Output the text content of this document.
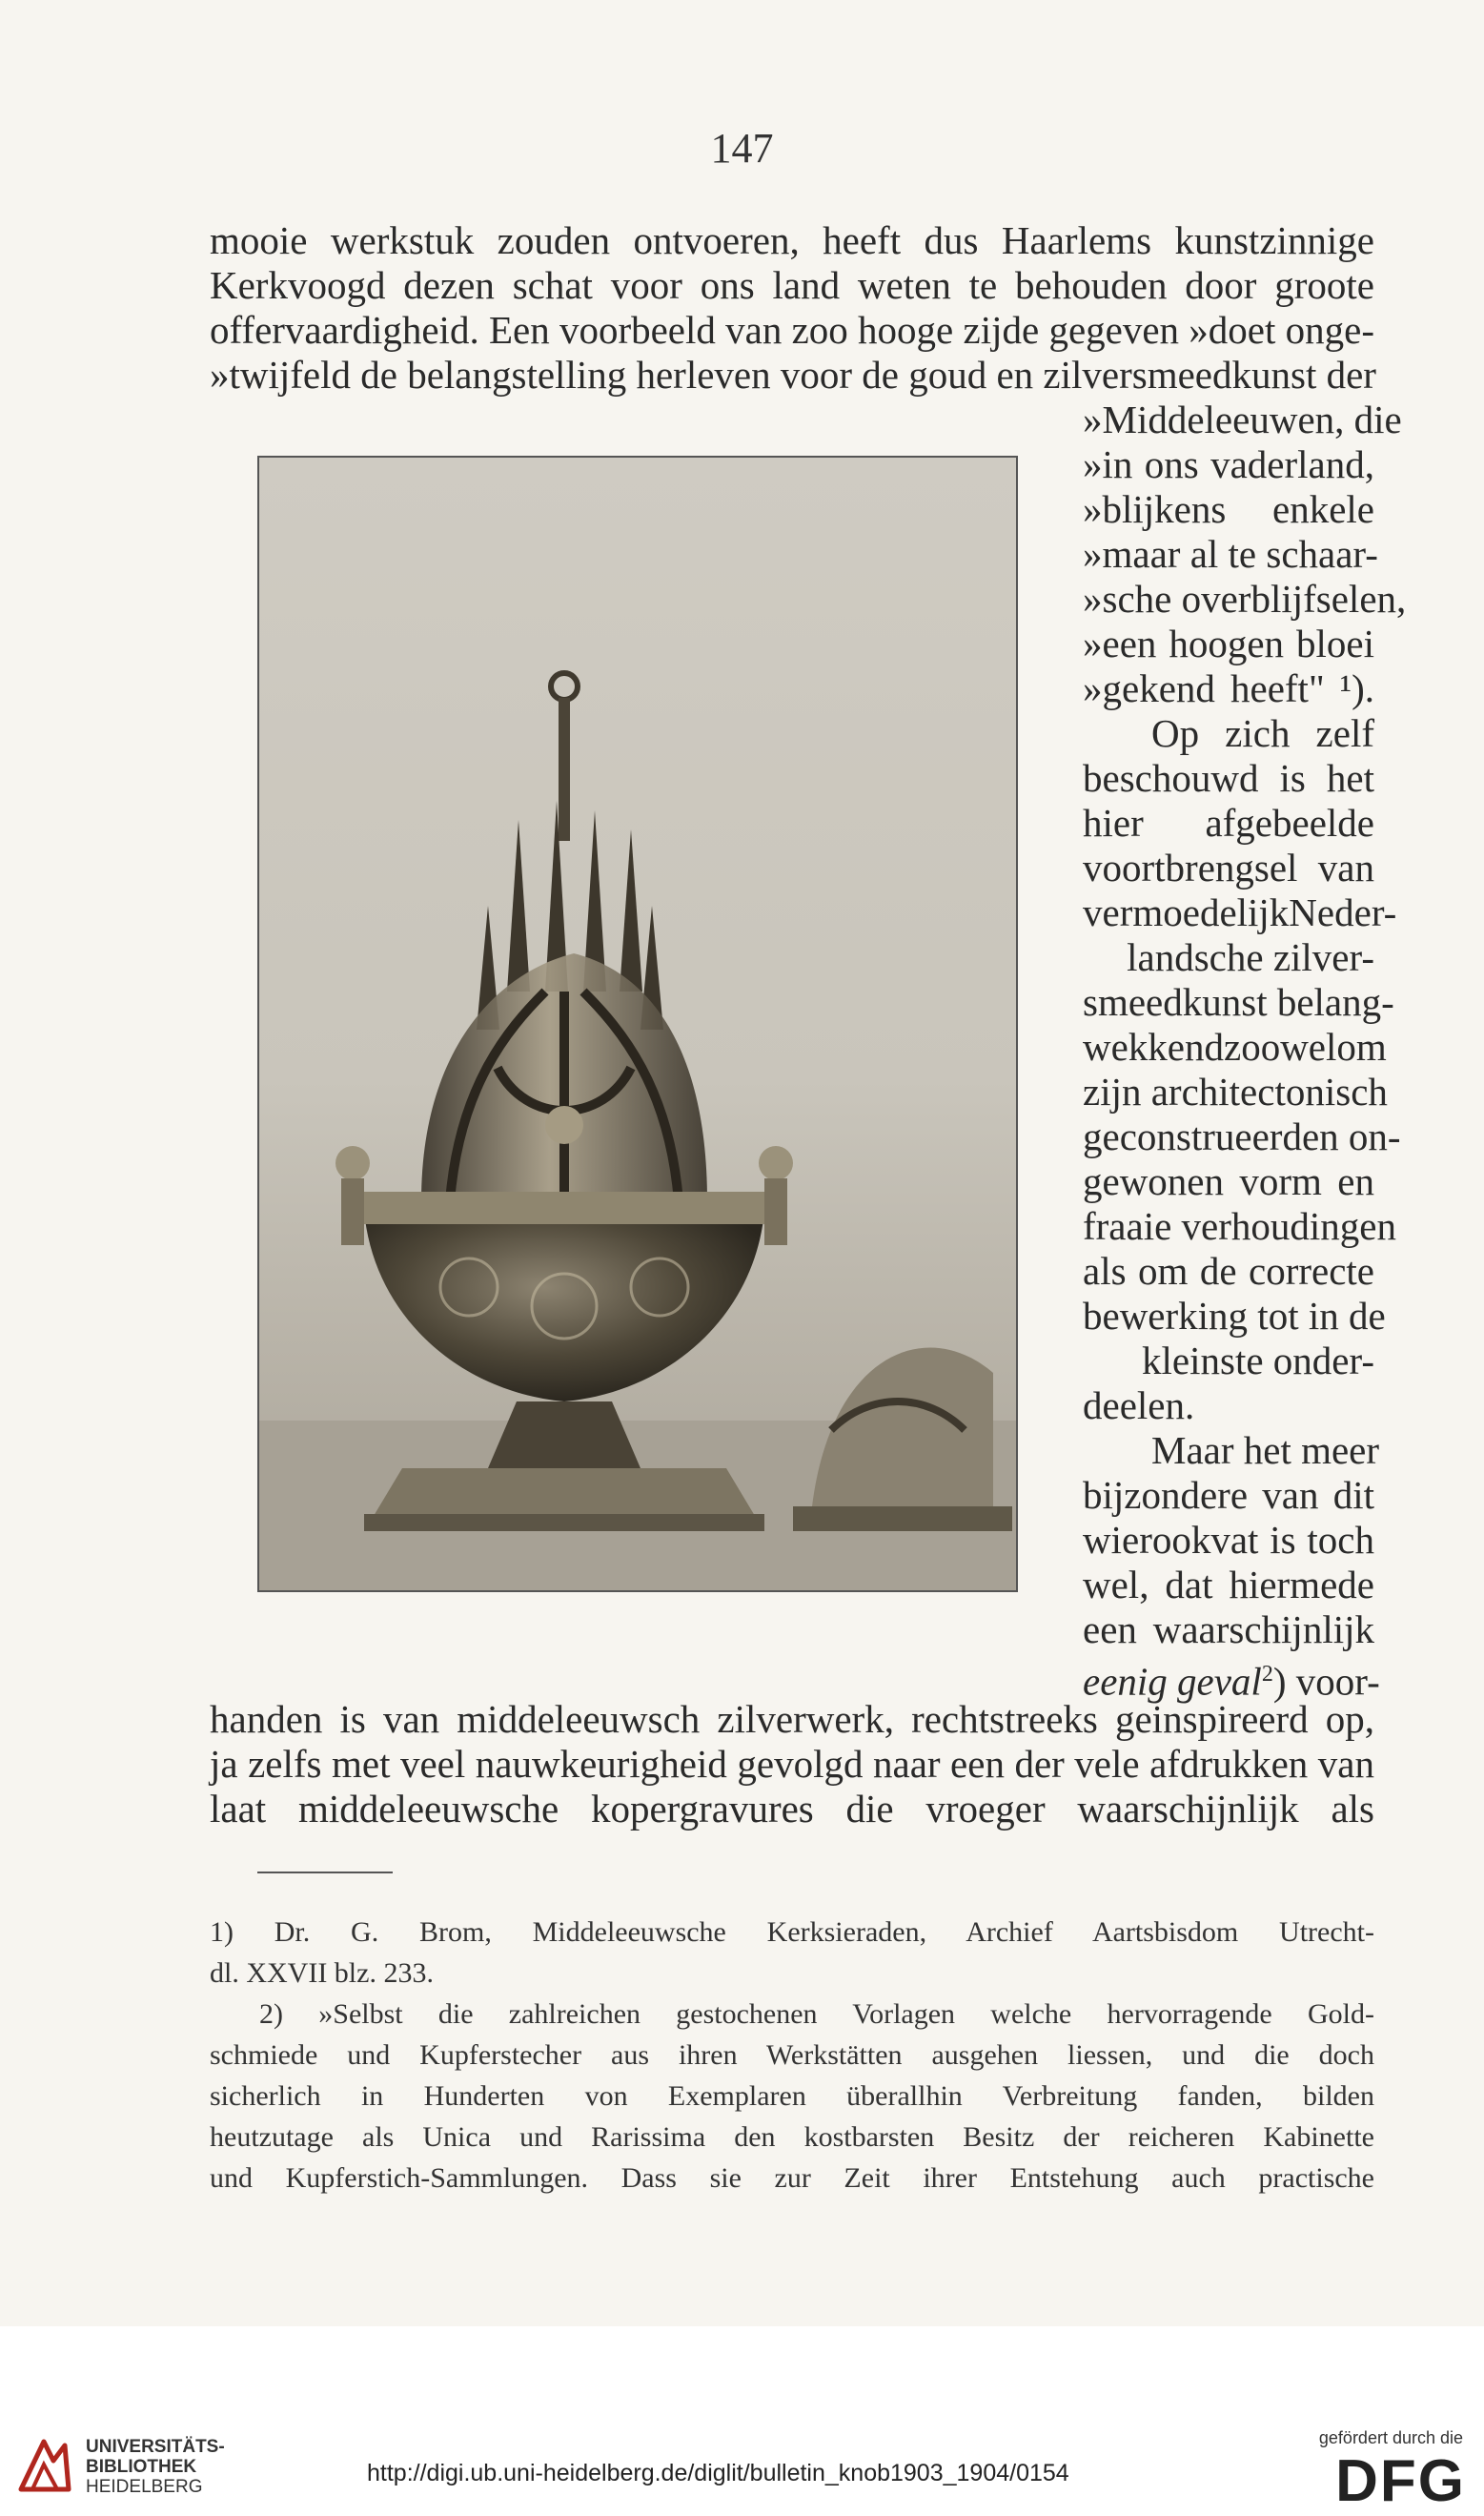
147
mooie werkstuk zouden ontvoeren, heeft dus Haarlems kunstzinnige
Kerkvoogd dezen schat voor ons land weten te behouden door groote
offervaardigheid. Een voorbeeld van zoo hooge zijde gegeven »doet onge-
»twijfeld de belangstelling herleven voor de goud en zilversmeedkunst der
»Middeleeuwen, die
»in ons vaderland,
»blijkens enkele
»maar al te schaar-
»sche overblijfselen,
»een hoogen bloei
»gekend heeft" ¹).
Op zich zelf
beschouwd is het
hier afgebeelde
voortbrengsel van
vermoedelijkNeder-
landsche zilver-
smeedkunst belang-
wekkendzoowelom
zijn architectonisch
geconstrueerden on-
gewonen vorm en
fraaie verhoudingen
als om de correcte
bewerking tot in de
kleinste onder-
deelen.
Maar het meer
bijzondere van dit
wierookvat is toch
wel, dat hiermede
een waarschijnlijk
eenig geval$^2$) voor-
handen is van middeleeuwsch zilverwerk, rechtstreeks geinspireerd op,
ja zelfs met veel nauwkeurigheid gevolgd naar een der vele afdrukken van
laat middeleeuwsche kopergravures die vroeger waarschijnlijk als
1) Dr. G. Brom, Middeleeuwsche Kerksieraden, Archief Aartsbisdom Utrecht-
dl. XXVII blz. 233.
2) »Selbst die zahlreichen gestochenen Vorlagen welche hervorragende Gold-
schmiede und Kupferstecher aus ihren Werkstätten ausgehen liessen, und die doch
sicherlich in Hunderten von Exemplaren überallhin Verbreitung fanden, bilden
heutzutage als Unica und Rarissima den kostbarsten Besitz der reicheren Kabinette
und Kupferstich-Sammlungen. Dass sie zur Zeit ihrer Entstehung auch practische
UNIVERSITÄTS-
BIBLIOTHEK
HEIDELBERG
http://digi.ub.uni-heidelberg.de/diglit/bulletin_knob1903_1904/0154
gefördert durch die
DFG
